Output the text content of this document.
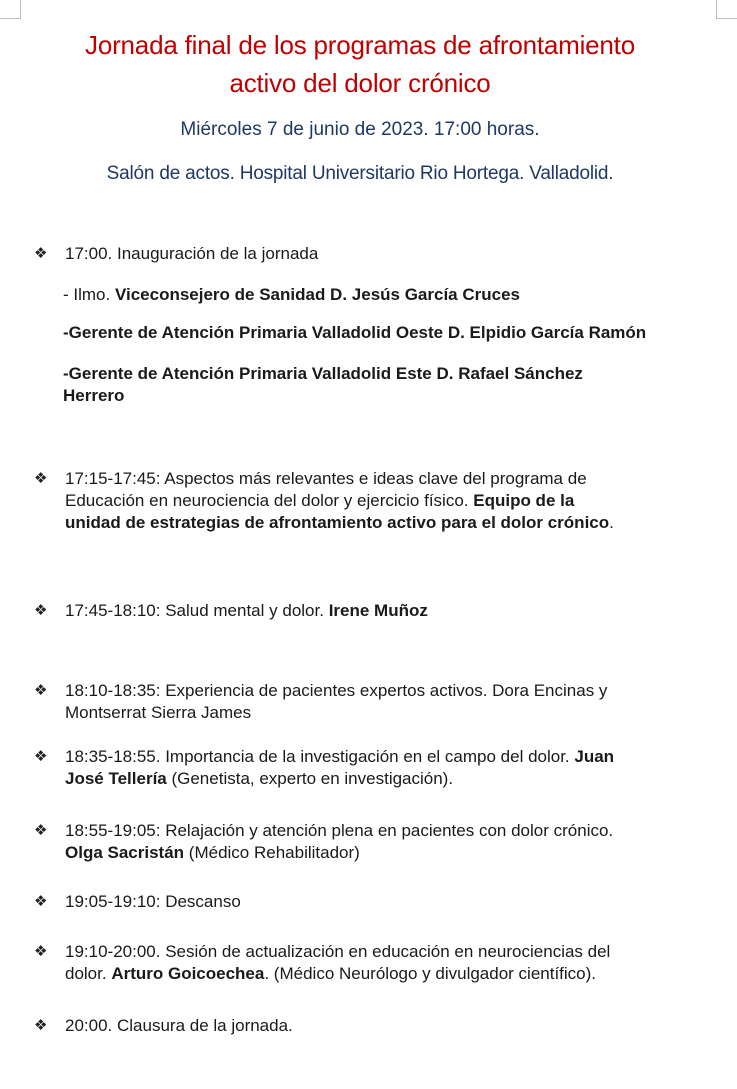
Jornada final de los programas de afrontamiento
activo del dolor crónico
Miércoles 7 de junio de 2023. 17:00 horas.
Salón de actos. Hospital Universitario Rio Hortega. Valladolid.
❖ 17:00. Inauguración de la jornada
- Ilmo. Viceconsejero de Sanidad D. Jesús García Cruces
-Gerente de Atención Primaria Valladolid Oeste D. Elpidio García Ramón
-Gerente de Atención Primaria Valladolid Este D. Rafael Sánchez
Herrero
❖ 17:15-17:45: Aspectos más relevantes e ideas clave del programa de
Educación en neurociencia del dolor y ejercicio físico. Equipo de la
unidad de estrategias de afrontamiento activo para el dolor crónico.
❖ 17:45-18:10: Salud mental y dolor. Irene Muñoz
❖ 18:10-18:35: Experiencia de pacientes expertos activos. Dora Encinas y
Montserrat Sierra James
❖ 18:35-18:55. Importancia de la investigación en el campo del dolor. Juan
José Tellería (Genetista, experto en investigación).
❖ 18:55-19:05: Relajación y atención plena en pacientes con dolor crónico.
Olga Sacristán (Médico Rehabilitador)
❖ 19:05-19:10: Descanso
❖ 19:10-20:00. Sesión de actualización en educación en neurociencias del
dolor. Arturo Goicoechea. (Médico Neurólogo y divulgador científico).
❖ 20:00. Clausura de la jornada.
